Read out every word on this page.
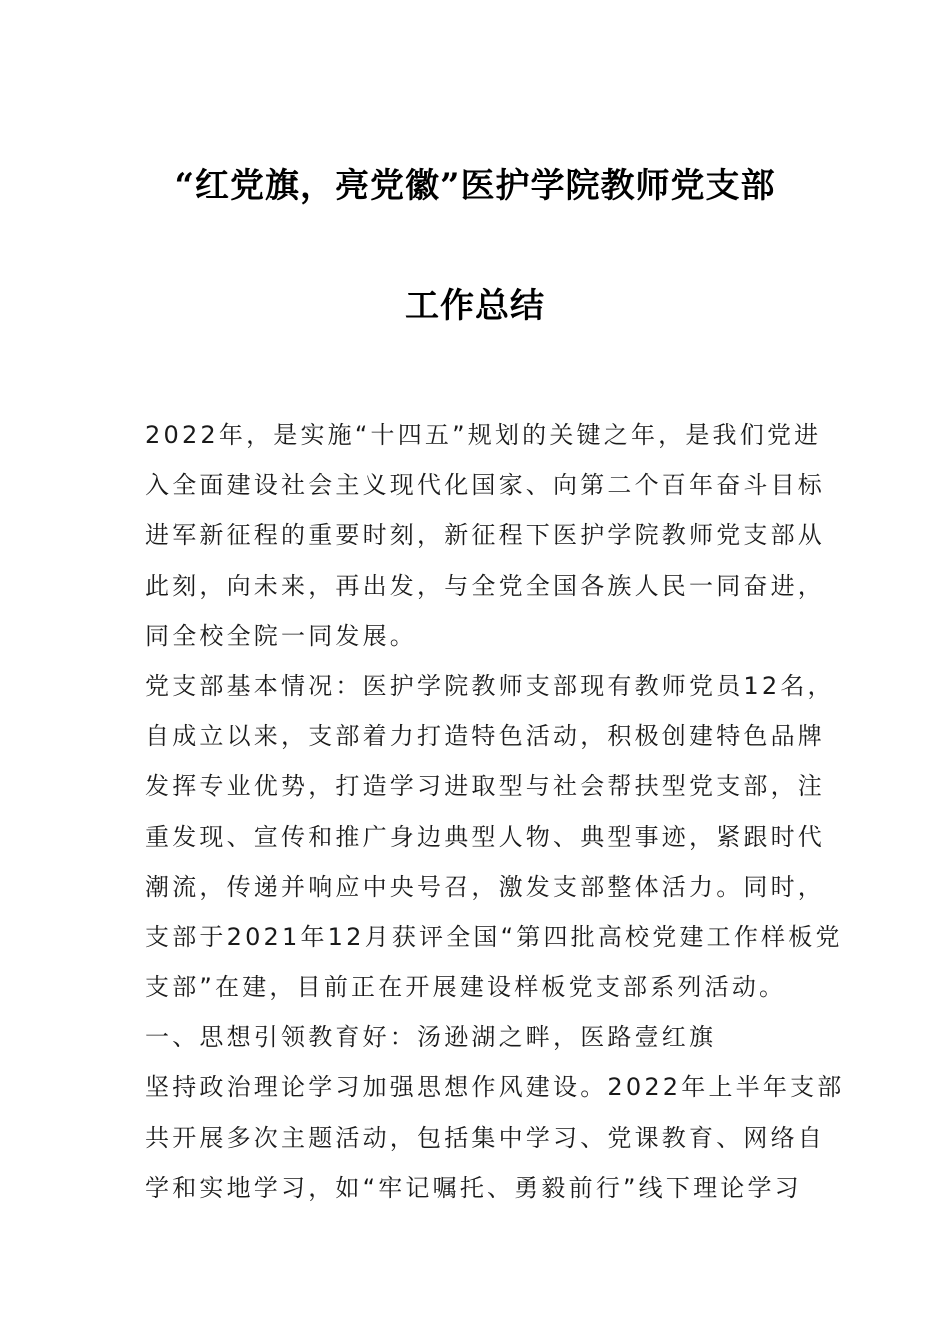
“红党旗，亮党徽”医护学院教师党支部
工作总结
2022年，是实施“十四五”规划的关键之年，是我们党进
入全面建设社会主义现代化国家、向第二个百年奋斗目标
进军新征程的重要时刻，新征程下医护学院教师党支部从
此刻，向未来，再出发，与全党全国各族人民一同奋进，
同全校全院一同发展。
党支部基本情况：医护学院教师支部现有教师党员12名，
自成立以来，支部着力打造特色活动，积极创建特色品牌
发挥专业优势，打造学习进取型与社会帮扶型党支部，注
重发现、宣传和推广身边典型人物、典型事迹，紧跟时代
潮流，传递并响应中央号召，激发支部整体活力。同时，
支部于2021年12月获评全国“第四批高校党建工作样板党
支部”在建，目前正在开展建设样板党支部系列活动。
一、思想引领教育好：汤逊湖之畔，医路壹红旗
坚持政治理论学习加强思想作风建设。2022年上半年支部
共开展多次主题活动，包括集中学习、党课教育、网络自
学和实地学习，如“牢记嘱托、勇毅前行”线下理论学习
